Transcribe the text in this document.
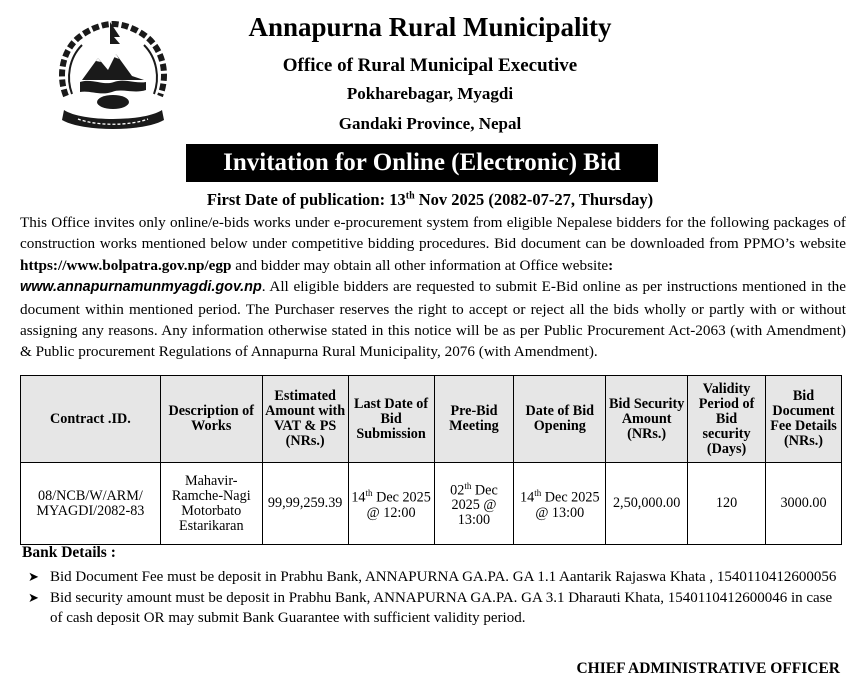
Annapurna Rural Municipality
Office of Rural Municipal Executive
Pokharebagar, Myagdi
Gandaki Province, Nepal
Invitation for Online (Electronic) Bid
First Date of publication: 13th Nov 2025 (2082-07-27, Thursday)
This Office invites only online/e-bids works under e-procurement system from eligible Nepalese bidders for the following packages of construction works mentioned below under competitive bidding procedures. Bid document can be downloaded from PPMO’s website https://www.bolpatra.gov.np/egp and bidder may obtain all other information at Office website:
www.annapurnamunmyagdi.gov.np. All eligible bidders are requested to submit E-Bid online as per instructions mentioned in the document within mentioned period. The Purchaser reserves the right to accept or reject all the bids wholly or partly with or without assigning any reasons. Any information otherwise stated in this notice will be as per Public Procurement Act-2063 (with Amendment) & Public procurement Regulations of Annapurna Rural Municipality, 2076 (with Amendment).
Contract .ID.	Description of Works	Estimated Amount with VAT & PS (NRs.)	Last Date of Bid Submission	Pre-Bid Meeting	Date of Bid Opening	Bid Security Amount (NRs.)	Validity Period of Bid security (Days)	Bid Document Fee Details (NRs.)
08/NCB/W/ARM/ MYAGDI/2082-83	Mahavir-Ramche-Nagi Motorbato Estarikaran	99,99,259.39	14th Dec 2025 @ 12:00	02th Dec 2025 @ 13:00	14th Dec 2025 @ 13:00	2,50,000.00	120	3000.00
Bank Details :
➤ Bid Document Fee must be deposit in Prabhu Bank, ANNAPURNA GA.PA. GA 1.1 Aantarik Rajaswa Khata , 1540110412600056
➤ Bid security amount must be deposit in Prabhu Bank, ANNAPURNA GA.PA. GA 3.1 Dharauti Khata, 1540110412600046 in case of cash deposit OR may submit Bank Guarantee with sufficient validity period.
CHIEF ADMINISTRATIVE OFFICER
